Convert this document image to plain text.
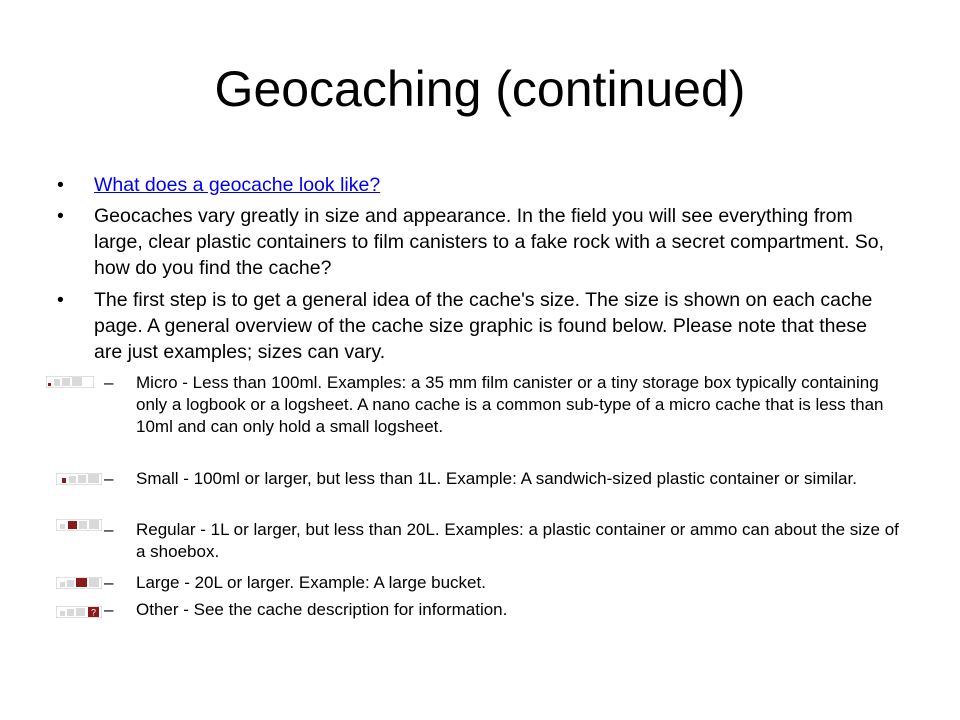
Geocaching (continued)
• What does a geocache look like?
• Geocaches vary greatly in size and appearance. In the field you will see everything from large, clear plastic containers to film canisters to a fake rock with a secret compartment. So, how do you find the cache?
• The first step is to get a general idea of the cache's size. The size is shown on each cache page. A general overview of the cache size graphic is found below. Please note that these are just examples; sizes can vary.
– Micro - Less than 100ml. Examples: a 35 mm film canister or a tiny storage box typically containing only a logbook or a logsheet. A nano cache is a common sub-type of a micro cache that is less than 10ml and can only hold a small logsheet.
– Small - 100ml or larger, but less than 1L. Example: A sandwich-sized plastic container or similar.
– Regular - 1L or larger, but less than 20L. Examples: a plastic container or ammo can about the size of a shoebox.
– Large - 20L or larger. Example: A large bucket.
? – Other - See the cache description for information.
